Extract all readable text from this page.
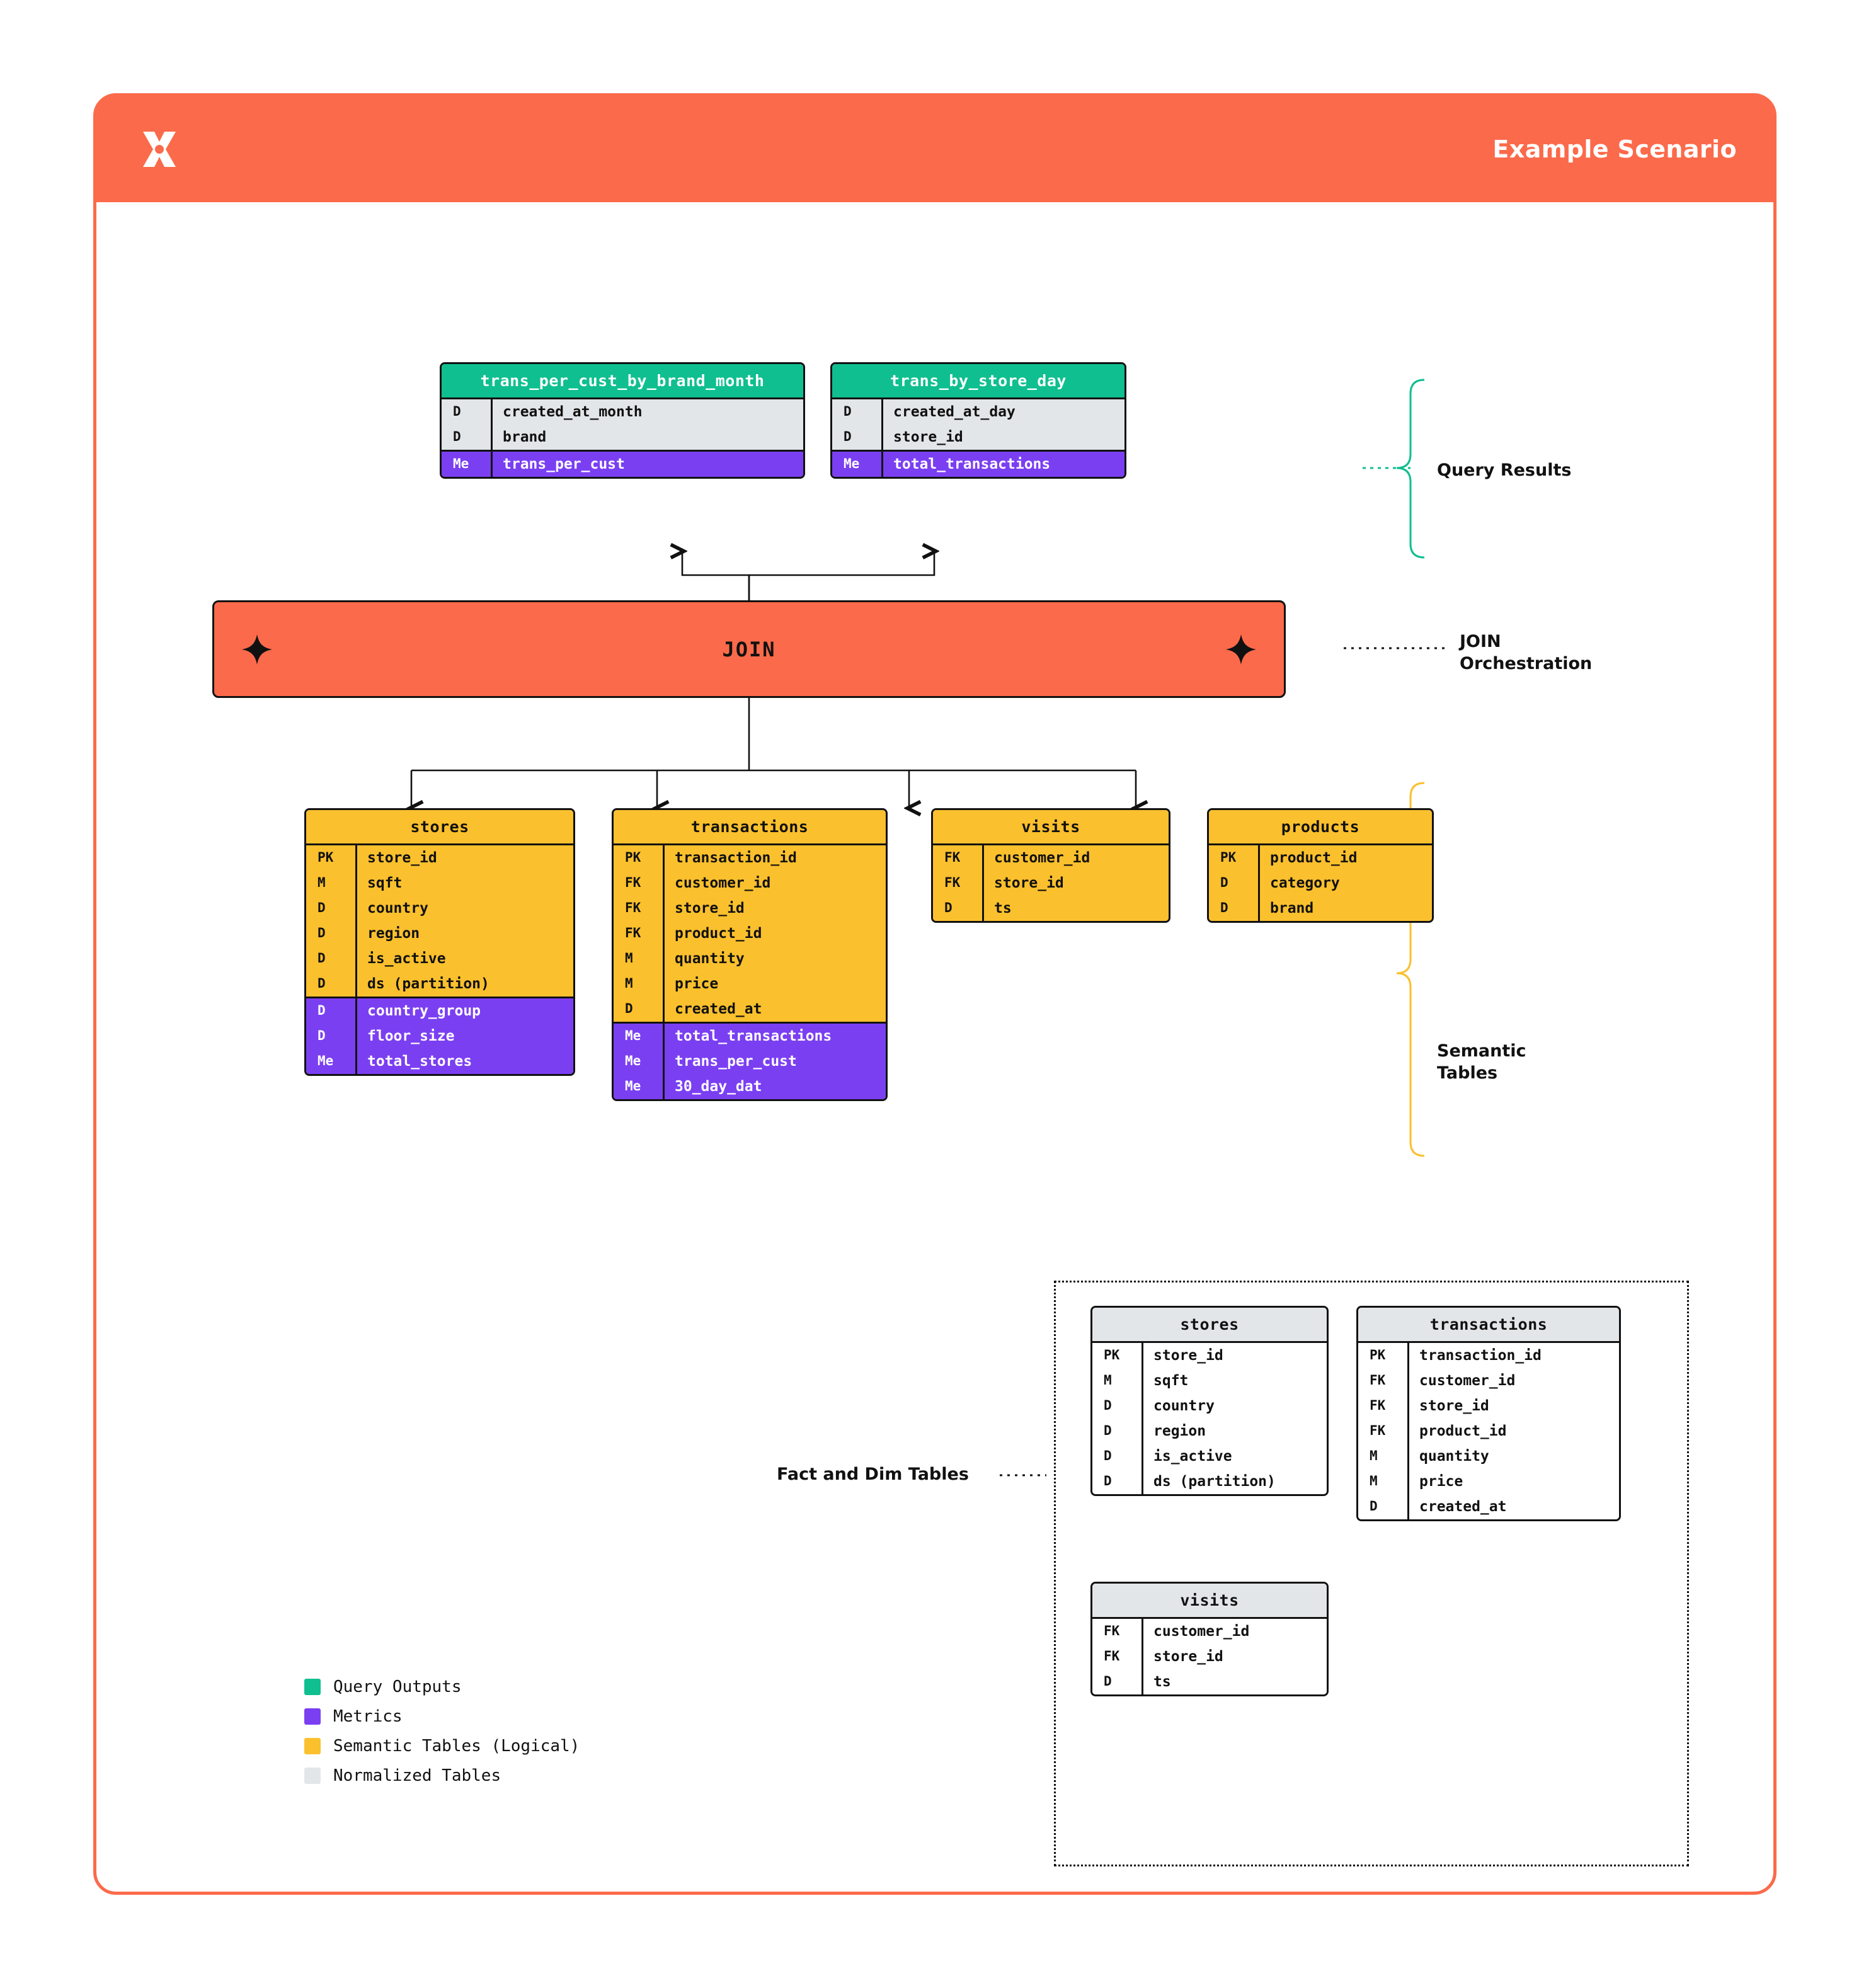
Example Scenario
trans_per_cust_by_brand_month
D	created_at_month
D	brand
Me	trans_per_cust
trans_by_store_day
D	created_at_day
D	store_id
Me	total_transactions	Query Results
JOIN	JOIN
Orchestration
stores
PK	store_id
M	sqft
D	country
D	region
D	is_active
D	ds (partition)
D	country_group
D	floor_size
Me	total_stores
transactions
PK	transaction_id
FK	customer_id
FK	store_id
FK	product_id
M	quantity
M	price
D	created_at
Me	total_transactions
Me	trans_per_cust
Me	30_day_dat
visits
FK	customer_id
FK	store_id
D	ts
products
PK	product_id
D	category
D	brand
Semantic
Tables
Fact and Dim Tables
stores
PK	store_id
M	sqft
D	country
D	region
D	is_active
D	ds (partition)
transactions
PK	transaction_id
FK	customer_id
FK	store_id
FK	product_id
M	quantity
M	price
D	created_at
visits
FK	customer_id
FK	store_id
D	ts
Query Outputs
Metrics
Semantic Tables (Logical)
Normalized Tables
